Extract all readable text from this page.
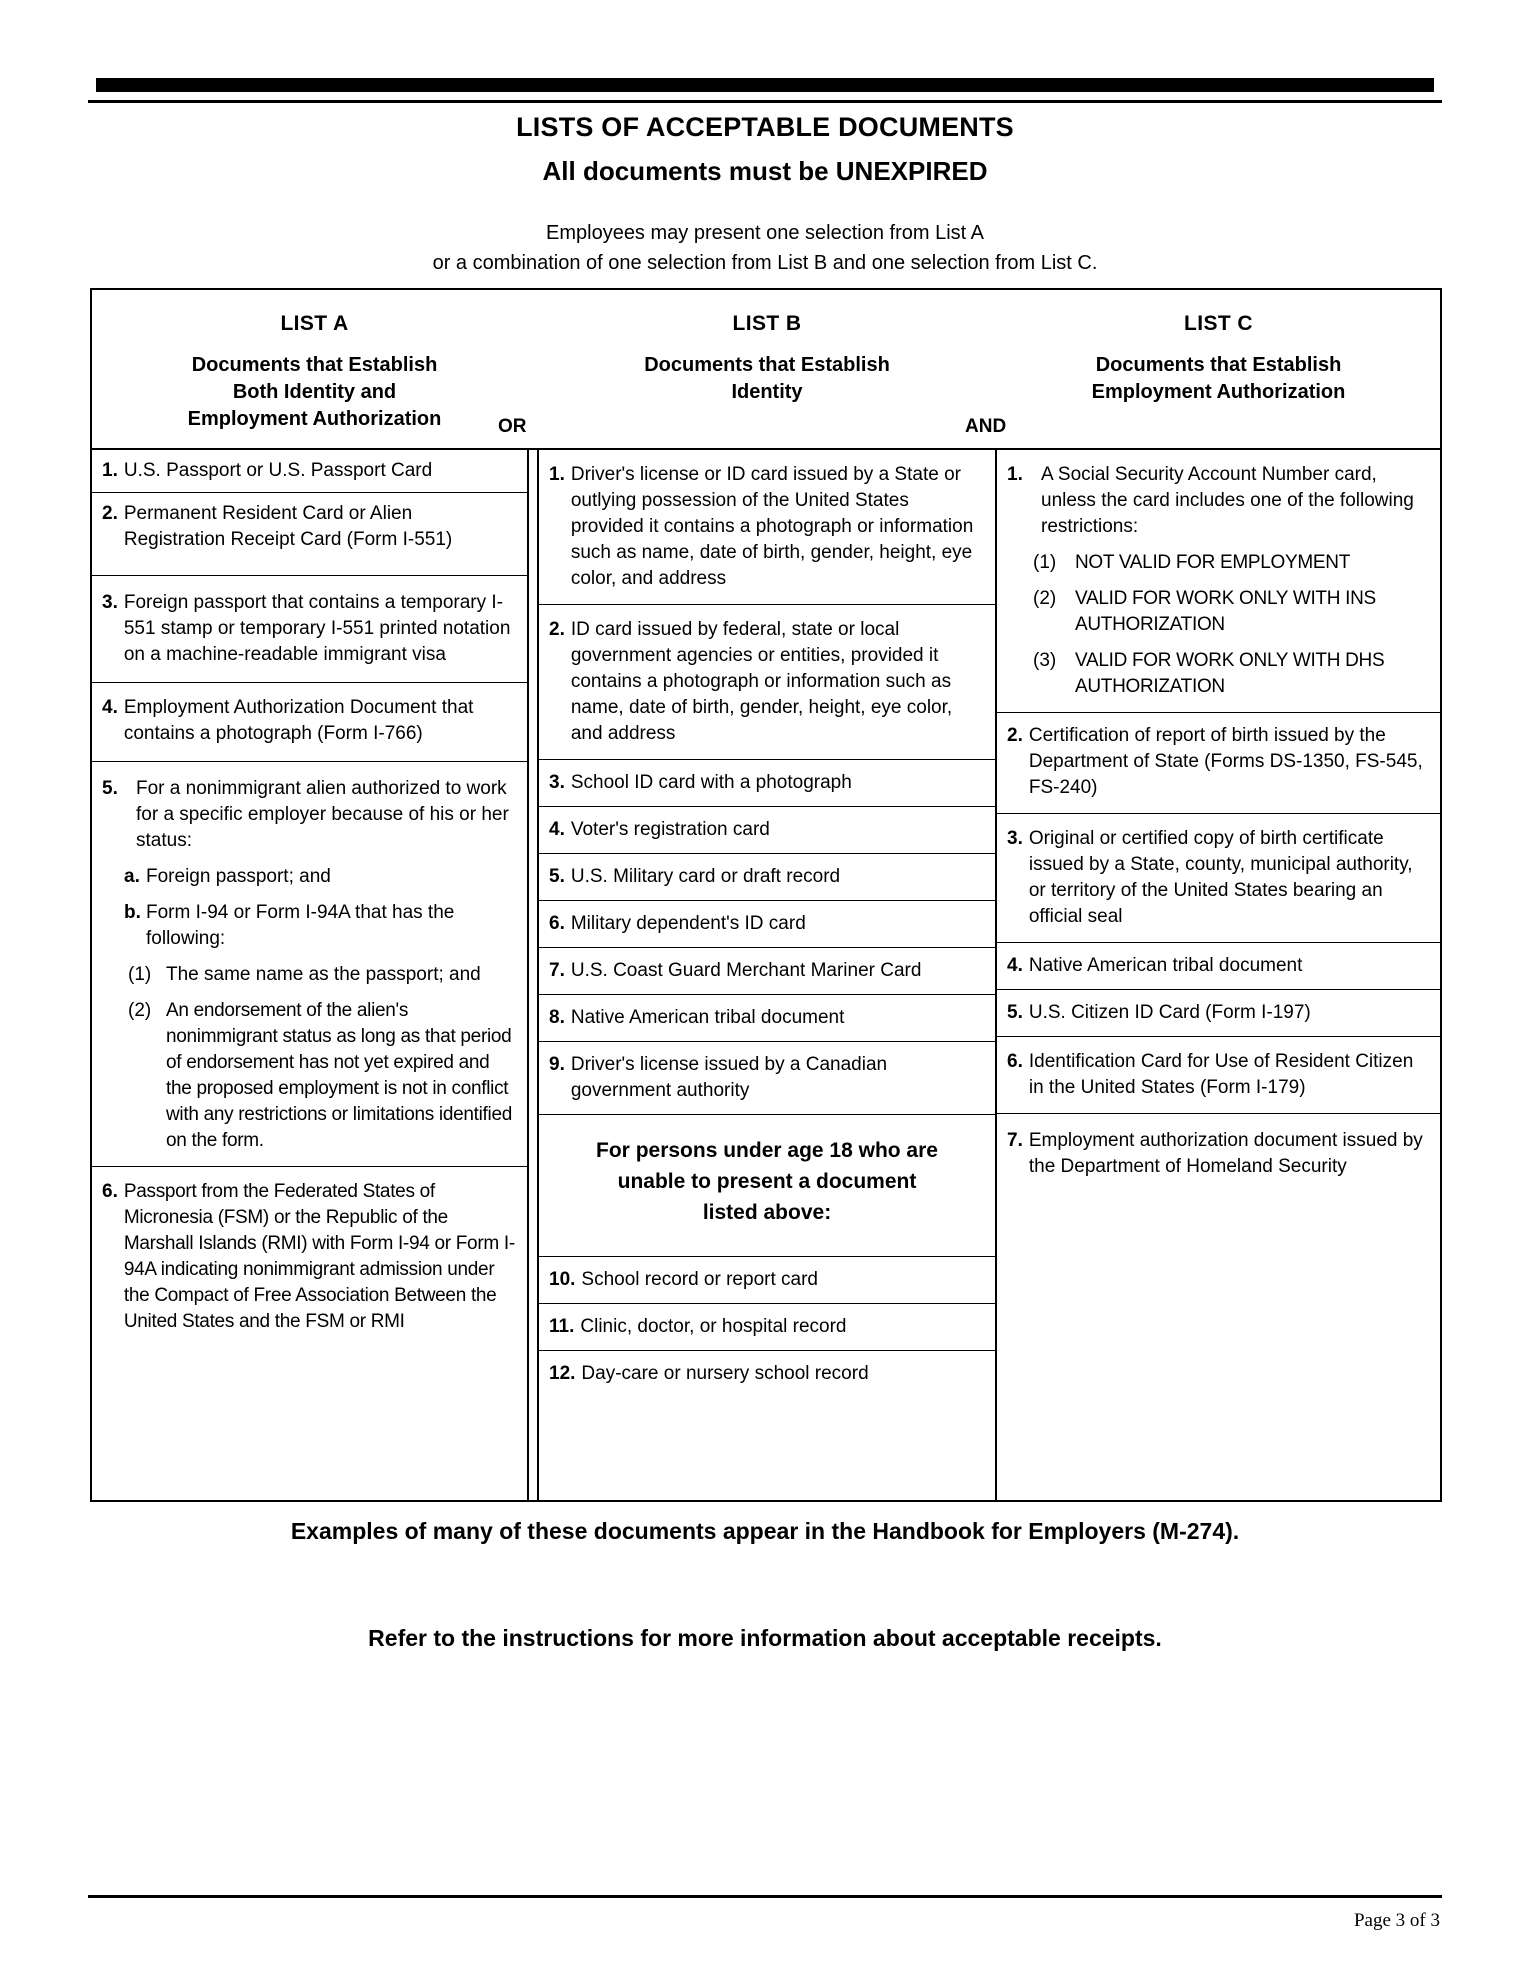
LISTS OF ACCEPTABLE DOCUMENTS
All documents must be UNEXPIRED
Employees may present one selection from List A
or a combination of one selection from List B and one selection from List C.
LIST A
Documents that Establish
Both Identity and
Employment Authorization
LIST B
Documents that Establish
Identity
LIST C
Documents that Establish
Employment Authorization
OR	AND
1. U.S. Passport or U.S. Passport Card
2. Permanent Resident Card or Alien Registration Receipt Card (Form I-551)
3. Foreign passport that contains a temporary I-551 stamp or temporary I-551 printed notation on a machine-readable immigrant visa
4. Employment Authorization Document that contains a photograph (Form I-766)
5. For a nonimmigrant alien authorized to work for a specific employer because of his or her status:
a. Foreign passport; and
b. Form I-94 or Form I-94A that has the following:
(1) The same name as the passport; and
(2) An endorsement of the alien's nonimmigrant status as long as that period of endorsement has not yet expired and the proposed employment is not in conflict with any restrictions or limitations identified on the form.
6. Passport from the Federated States of Micronesia (FSM) or the Republic of the Marshall Islands (RMI) with Form I-94 or Form I-94A indicating nonimmigrant admission under the Compact of Free Association Between the United States and the FSM or RMI
1. Driver's license or ID card issued by a State or outlying possession of the United States provided it contains a photograph or information such as name, date of birth, gender, height, eye color, and address
2. ID card issued by federal, state or local government agencies or entities, provided it contains a photograph or information such as name, date of birth, gender, height, eye color, and address
3. School ID card with a photograph
4. Voter's registration card
5. U.S. Military card or draft record
6. Military dependent's ID card
7. U.S. Coast Guard Merchant Mariner Card
8. Native American tribal document
9. Driver's license issued by a Canadian government authority
For persons under age 18 who are
unable to present a document
listed above:
10. School record or report card
11. Clinic, doctor, or hospital record
12. Day-care or nursery school record
1. A Social Security Account Number card, unless the card includes one of the following restrictions:
(1) NOT VALID FOR EMPLOYMENT
(2) VALID FOR WORK ONLY WITH INS AUTHORIZATION
(3) VALID FOR WORK ONLY WITH DHS AUTHORIZATION
2. Certification of report of birth issued by the Department of State (Forms DS-1350, FS-545, FS-240)
3. Original or certified copy of birth certificate issued by a State, county, municipal authority, or territory of the United States bearing an official seal
4. Native American tribal document
5. U.S. Citizen ID Card (Form I-197)
6. Identification Card for Use of Resident Citizen in the United States (Form I-179)
7. Employment authorization document issued by the Department of Homeland Security
Examples of many of these documents appear in the Handbook for Employers (M-274).
Refer to the instructions for more information about acceptable receipts.
Page 3 of 3
